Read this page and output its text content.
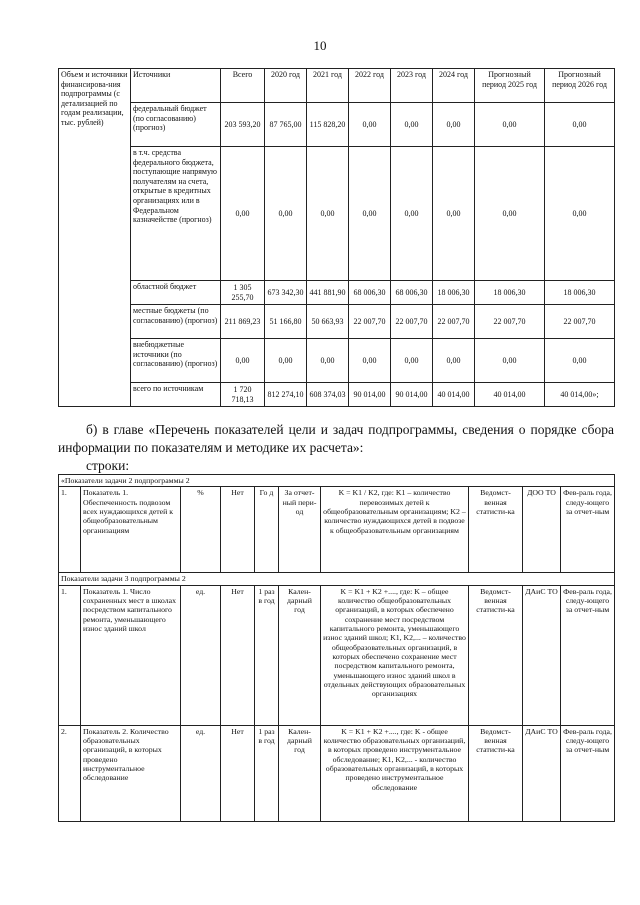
10
Объем и источники финансирова-ния подпрограммы (с детализацией по годам реализации, тыс. рублей)	Источники	Всего	2020 год	2021 год	2022 год	2023 год	2024 год	Прогнозный период 2025 год	Прогнозный период 2026 год
	федеральный бюджет (по согласованию) (прогноз)	203 593,20	87 765,00	115 828,20	0,00	0,00	0,00	0,00	0,00
	в т.ч. средства федерального бюджета, поступающие напрямую получателям на счета, открытые в кредитных организациях или в Федеральном казначействе (прогноз)	0,00	0,00	0,00	0,00	0,00	0,00	0,00	0,00
	областной бюджет	1 305 255,70	673 342,30	441 881,90	68 006,30	68 006,30	18 006,30	18 006,30	18 006,30
	местные бюджеты (по согласованию) (прогноз)	211 869,23	51 166,80	50 663,93	22 007,70	22 007,70	22 007,70	22 007,70	22 007,70
	внебюджетные источники (по согласованию) (прогноз)	0,00	0,00	0,00	0,00	0,00	0,00	0,00	0,00
	всего по источникам	1 720 718,13	812 274,10	608 374,03	90 014,00	90 014,00	40 014,00	40 014,00	40 014,00»;
б) в главе «Перечень показателей цели и задач подпрограммы, сведения о порядке сбора информации по показателям и методике их расчета»:
строки:
«Показатели задачи 2 подпрограммы 2									
1.	Показатель 1. Обеспеченность подвозом всех нуждающихся детей к общеобразовательным организациям	%	Нет	Го д	За отчет-ный пери-од	K = K1 / K2, где: K1 – количество перевозимых детей к общеобразовательным организациям; K2 – количество нуждающихся детей в подвозе к общеобразовательным организациям	Ведомст-венная статисти-ка	ДОО ТО	Фев-раль года, следу-ющего за отчет-ным
Показатели задачи 3 подпрограммы 2									
1.	Показатель 1. Число сохраненных мест в школах посредством капитального ремонта, уменьшающего износ зданий школ	ед.	Нет	1 раз в год	Кален-дарный год	K = K1 + K2 +...., где: K – общее количество общеобразовательных организаций, в которых обеспечено сохранение мест посредством капитального ремонта, уменьшающего износ зданий школ; K1, K2,... – количество общеобразовательных организаций, в которых обеспечено сохранение мест посредством капитального ремонта, уменьшающего износ зданий школ в отдельных действующих образовательных организациях	Ведомст-венная статисти-ка	ДАиС ТО	Фев-раль года, следу-ющего за отчет-ным
2.	Показатель 2. Количество образовательных организаций, в которых проведено инструментальное обследование	ед.	Нет	1 раз в год	Кален-дарный год	K = K1 + K2 +...., где: K - общее количество образовательных организаций, в которых проведено инструментальное обследование; K1, K2,... - количество образовательных организаций, в которых проведено инструментальное обследование	Ведомст-венная статисти-ка	ДАиС ТО	Фев-раль года, следу-ющего за отчет-ным
